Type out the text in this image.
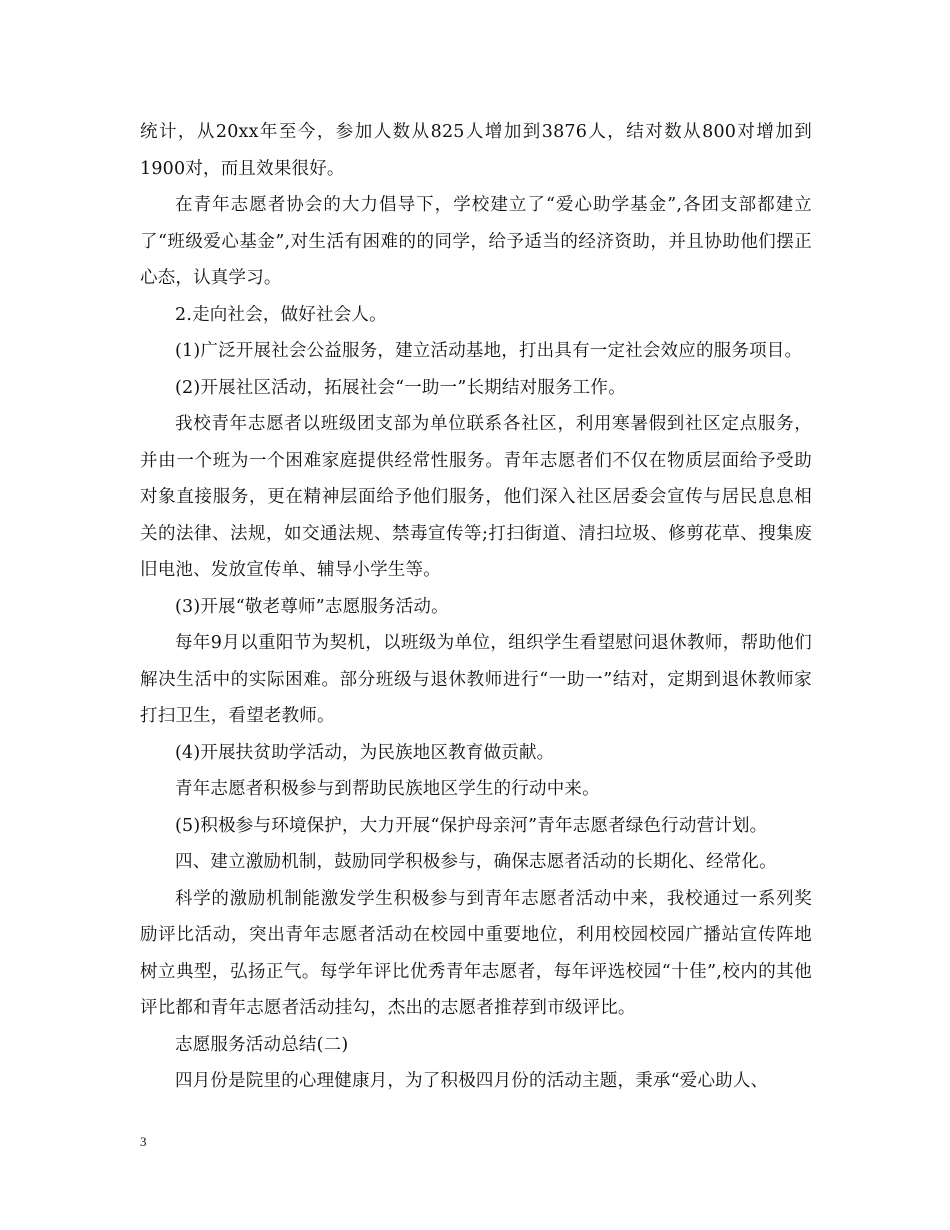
统计，从20xx年至今，参加人数从825人增加到3876人，结对数从800对增加到1900对，而且效果很好。

在青年志愿者协会的大力倡导下，学校建立了“爱心助学基金”,各团支部都建立了“班级爱心基金”,对生活有困难的的同学，给予适当的经济资助，并且协助他们摆正心态，认真学习。

2.走向社会，做好社会人。

(1)广泛开展社会公益服务，建立活动基地，打出具有一定社会效应的服务项目。

(2)开展社区活动，拓展社会“一助一”长期结对服务工作。

我校青年志愿者以班级团支部为单位联系各社区，利用寒暑假到社区定点服务，并由一个班为一个困难家庭提供经常性服务。青年志愿者们不仅在物质层面给予受助对象直接服务，更在精神层面给予他们服务，他们深入社区居委会宣传与居民息息相关的法律、法规，如交通法规、禁毒宣传等;打扫街道、清扫垃圾、修剪花草、搜集废旧电池、发放宣传单、辅导小学生等。

(3)开展“敬老尊师”志愿服务活动。

每年9月以重阳节为契机，以班级为单位，组织学生看望慰问退休教师，帮助他们解决生活中的实际困难。部分班级与退休教师进行“一助一”结对，定期到退休教师家打扫卫生，看望老教师。

(4)开展扶贫助学活动，为民族地区教育做贡献。

青年志愿者积极参与到帮助民族地区学生的行动中来。

(5)积极参与环境保护，大力开展“保护母亲河”青年志愿者绿色行动营计划。

四、建立激励机制，鼓励同学积极参与，确保志愿者活动的长期化、经常化。

科学的激励机制能激发学生积极参与到青年志愿者活动中来，我校通过一系列奖励评比活动，突出青年志愿者活动在校园中重要地位，利用校园校园广播站宣传阵地树立典型，弘扬正气。每学年评比优秀青年志愿者，每年评选校园“十佳”,校内的其他评比都和青年志愿者活动挂勾，杰出的志愿者推荐到市级评比。

志愿服务活动总结(二)

四月份是院里的心理健康月，为了积极四月份的活动主题，秉承“爱心助人、

3
